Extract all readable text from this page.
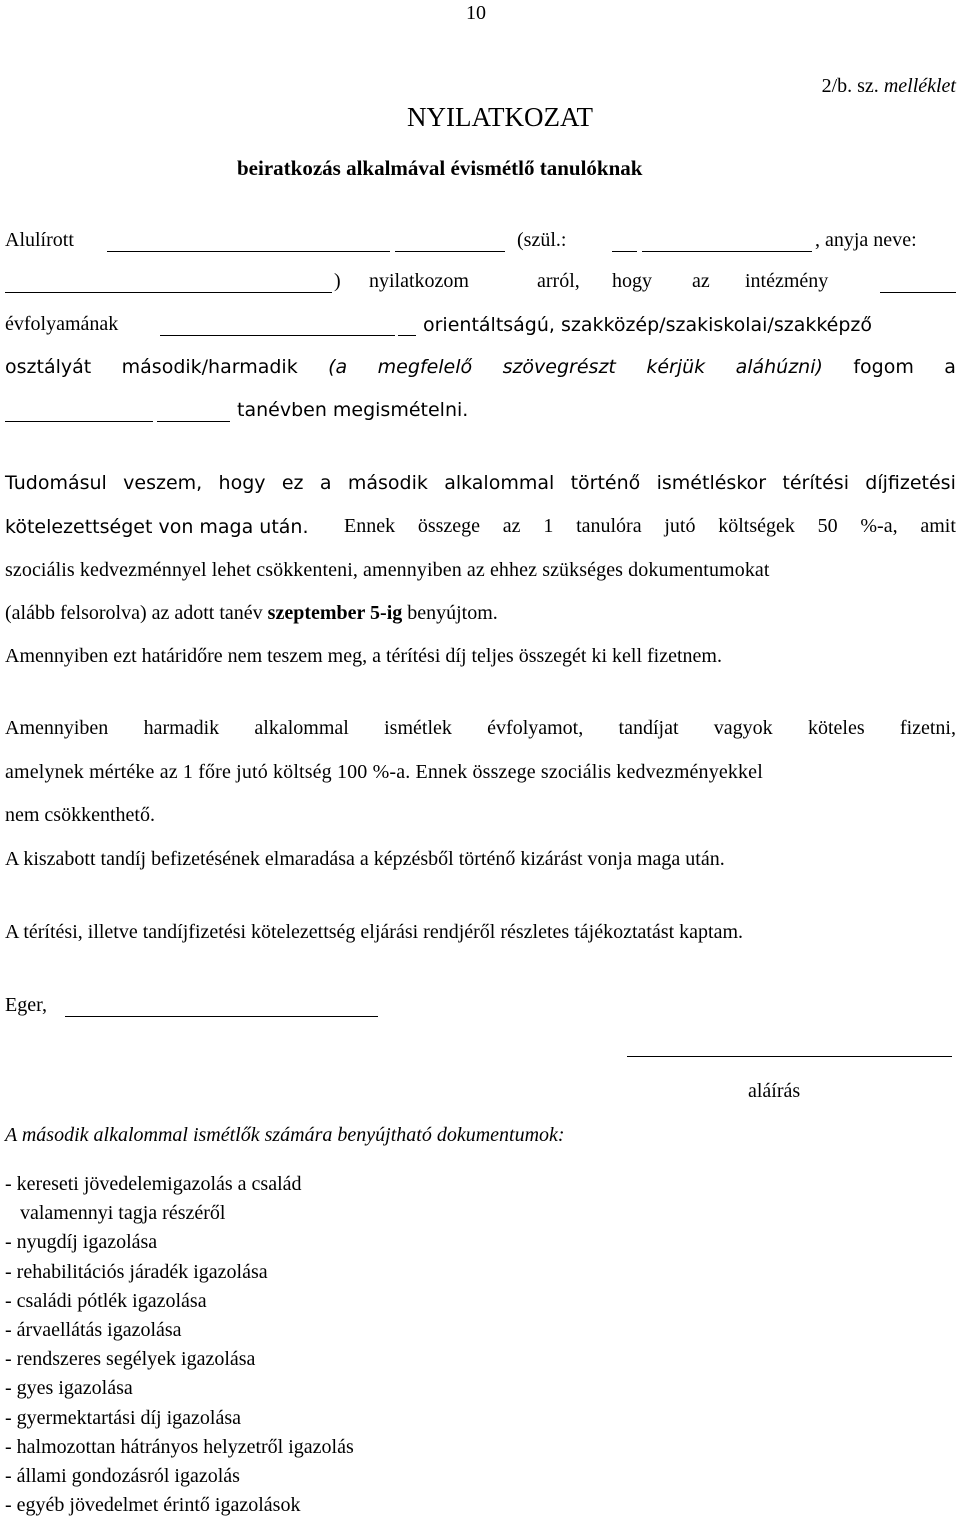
10
2/b. sz. melléklet
NYILATKOZAT
beiratkozás alkalmával évismétlő tanulóknak
Alulírott	(szül.:	, anyja neve:
) nyilatkozom	arról, hogy az intézmény
évfolyamának	orientáltságú, szakközép/szakiskolai/szakképző
osztályát második/harmadik (a megfelelő szövegrészt kérjük aláhúzni) fogom a
tanévben megismételni.
Tudomásul veszem, hogy ez a második alkalommal történő ismétléskor térítési díjfizetési
kötelezettséget von maga után. Ennek összege az 1 tanulóra jutó költségek 50 %-a, amit
szociális kedvezménnyel lehet csökkenteni, amennyiben az ehhez szükséges dokumentumokat
(alább felsorolva) az adott tanév szeptember 5-ig benyújtom.
Amennyiben ezt határidőre nem teszem meg, a térítési díj teljes összegét ki kell fizetnem.
Amennyiben harmadik alkalommal ismétlek évfolyamot, tandíjat vagyok köteles fizetni,
amelynek mértéke az 1 főre jutó költség 100 %-a. Ennek összege szociális kedvezményekkel
nem csökkenthető.
A kiszabott tandíj befizetésének elmaradása a képzésből történő kizárást vonja maga után.
A térítési, illetve tandíjfizetési kötelezettség eljárási rendjéről részletes tájékoztatást kaptam.
Eger,
aláírás
A második alkalommal ismétlők számára benyújtható dokumentumok:
- kereseti jövedelemigazolás a család
valamennyi tagja részéről
- nyugdíj igazolása
- rehabilitációs járadék igazolása
- családi pótlék igazolása
- árvaellátás igazolása
- rendszeres segélyek igazolása
- gyes igazolása
- gyermektartási díj igazolása
- halmozottan hátrányos helyzetről igazolás
- állami gondozásról igazolás
- egyéb jövedelmet érintő igazolások
